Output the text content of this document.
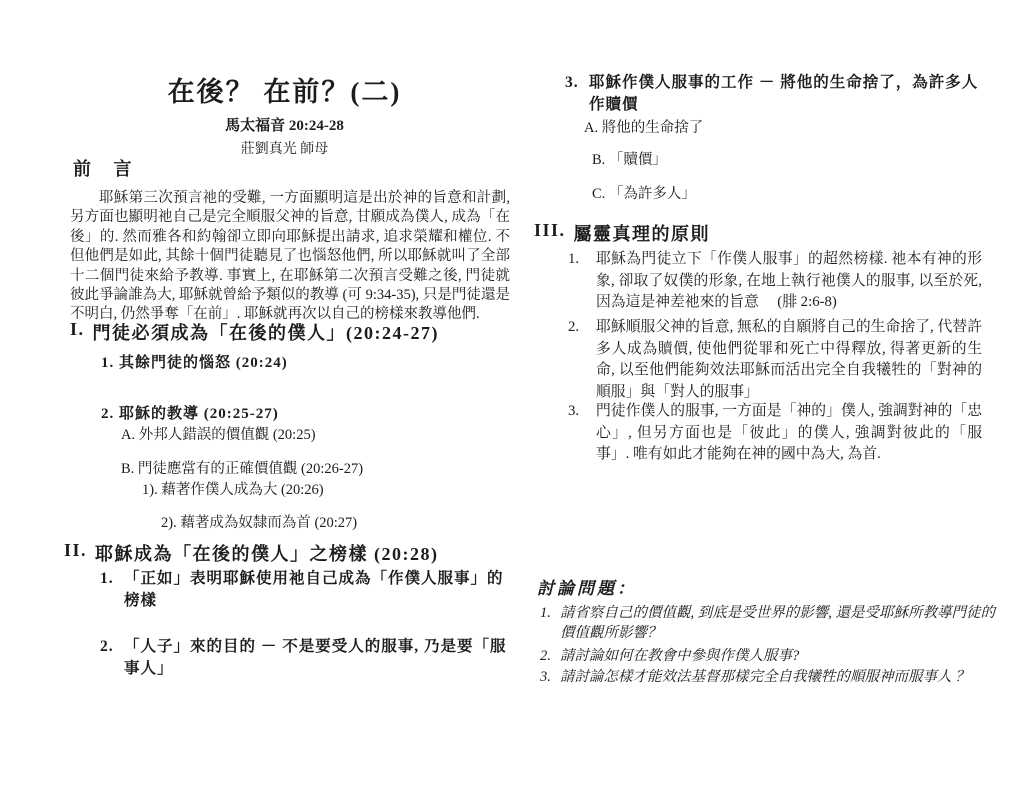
在後？ 在前？(二)
馬太福音 20:24-28
莊劉真光 師母
前 言
耶穌第三次預言祂的受難, 一方面顯明這是出於神的旨意和計劃, 另方面也顯明祂自己是完全順服父神的旨意, 甘願成為僕人, 成為「在後」的. 然而雅各和約翰卻立即向耶穌提出請求, 追求榮耀和權位. 不但他們是如此, 其餘十個門徒聽見了也惱怒他們, 所以耶穌就叫了全部十二個門徒來給予教導. 事實上, 在耶穌第二次預言受難之後, 門徒就彼此爭論誰為大, 耶穌就曾給予類似的教導 (可 9:34-35), 只是門徒還是不明白, 仍然爭奪「在前」. 耶穌就再次以自己的榜樣來教導他們.
I. 門徒必須成為「在後的僕人」(20:24-27)
1. 其餘門徒的惱怒 (20:24)
2. 耶穌的教導 (20:25-27)
A. 外邦人錯誤的價值觀 (20:25)
B. 門徒應當有的正確價值觀 (20:26-27)
1). 藉著作僕人成為大 (20:26)
2). 藉著成為奴隸而為首 (20:27)
II. 耶穌成為「在後的僕人」之榜樣 (20:28)
1. 「正如」表明耶穌使用祂自己成為「作僕人服事」的榜樣
2. 「人子」來的目的 － 不是要受人的服事, 乃是要「服事人」
3. 耶穌作僕人服事的工作 － 將他的生命捨了，為許多人作贖價
A. 將他的生命捨了
B. 「贖價」
C. 「為許多人」
III. 屬靈真理的原則
1.	耶穌為門徒立下「作僕人服事」的超然榜樣. 祂本有神的形象, 卻取了奴僕的形象, 在地上執行祂僕人的服事, 以至於死, 因為這是神差祂來的旨意　 (腓 2:6-8)
2.	耶穌順服父神的旨意, 無私的自願將自己的生命捨了, 代替許多人成為贖價, 使他們從罪和死亡中得釋放, 得著更新的生命, 以至他們能夠效法耶穌而活出完全自我犧牲的「對神的順服」與「對人的服事」
3.	門徒作僕人的服事, 一方面是「神的」僕人, 強調對神的「忠心」, 但另方面也是「彼此」的僕人, 強調對彼此的「服事」. 唯有如此才能夠在神的國中為大, 為首.
討論問題：
1. 請省察自己的價值觀, 到底是受世界的影響, 還是受耶穌所教導門徒的價值觀所影響？
2. 請討論如何在教會中參與作僕人服事?
3. 請討論怎樣才能效法基督那樣完全自我犧牲的順服神而服事人 ？
